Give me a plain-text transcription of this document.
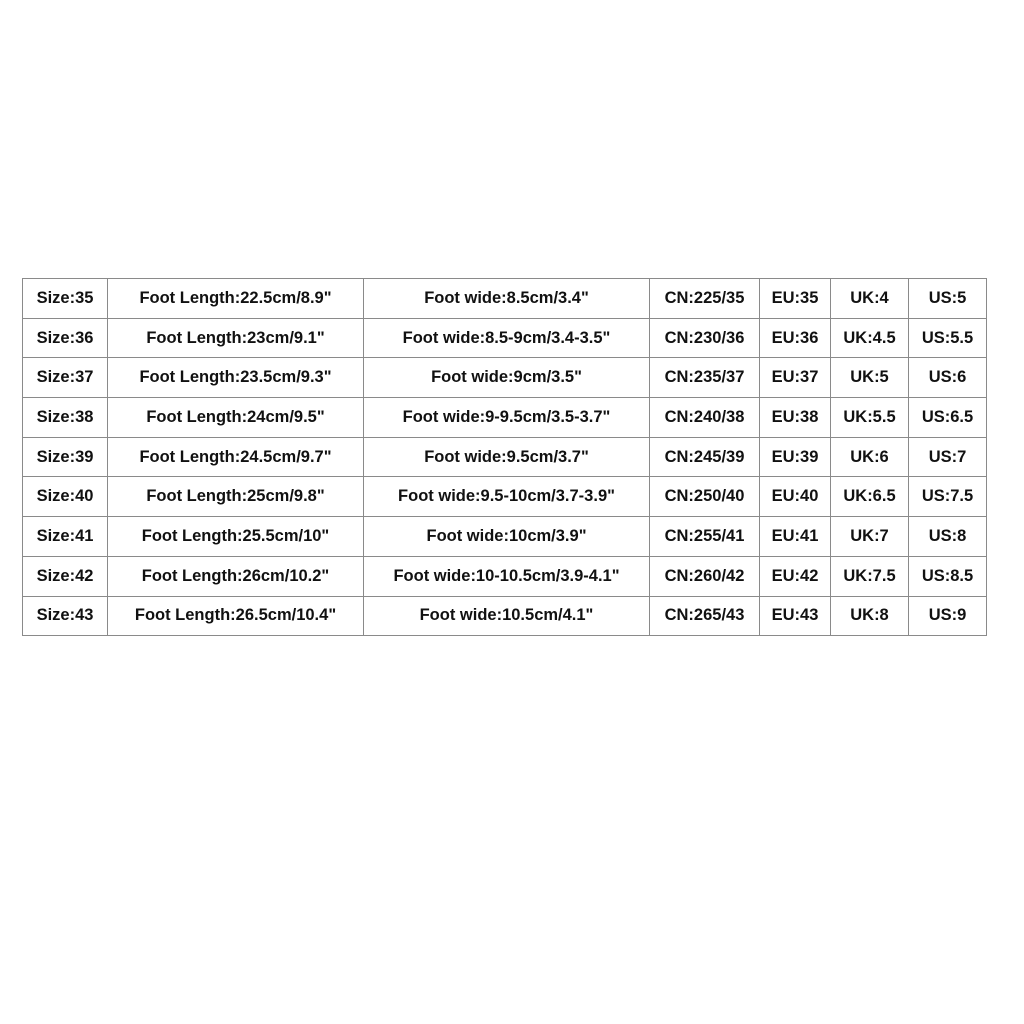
Size:35	Foot Length:22.5cm/8.9"	Foot wide:8.5cm/3.4"	CN:225/35	EU:35	UK:4	US:5
Size:36	Foot Length:23cm/9.1"	Foot wide:8.5-9cm/3.4-3.5"	CN:230/36	EU:36	UK:4.5	US:5.5
Size:37	Foot Length:23.5cm/9.3"	Foot wide:9cm/3.5"	CN:235/37	EU:37	UK:5	US:6
Size:38	Foot Length:24cm/9.5"	Foot wide:9-9.5cm/3.5-3.7"	CN:240/38	EU:38	UK:5.5	US:6.5
Size:39	Foot Length:24.5cm/9.7"	Foot wide:9.5cm/3.7"	CN:245/39	EU:39	UK:6	US:7
Size:40	Foot Length:25cm/9.8"	Foot wide:9.5-10cm/3.7-3.9"	CN:250/40	EU:40	UK:6.5	US:7.5
Size:41	Foot Length:25.5cm/10"	Foot wide:10cm/3.9"	CN:255/41	EU:41	UK:7	US:8
Size:42	Foot Length:26cm/10.2"	Foot wide:10-10.5cm/3.9-4.1"	CN:260/42	EU:42	UK:7.5	US:8.5
Size:43	Foot Length:26.5cm/10.4"	Foot wide:10.5cm/4.1"	CN:265/43	EU:43	UK:8	US:9
